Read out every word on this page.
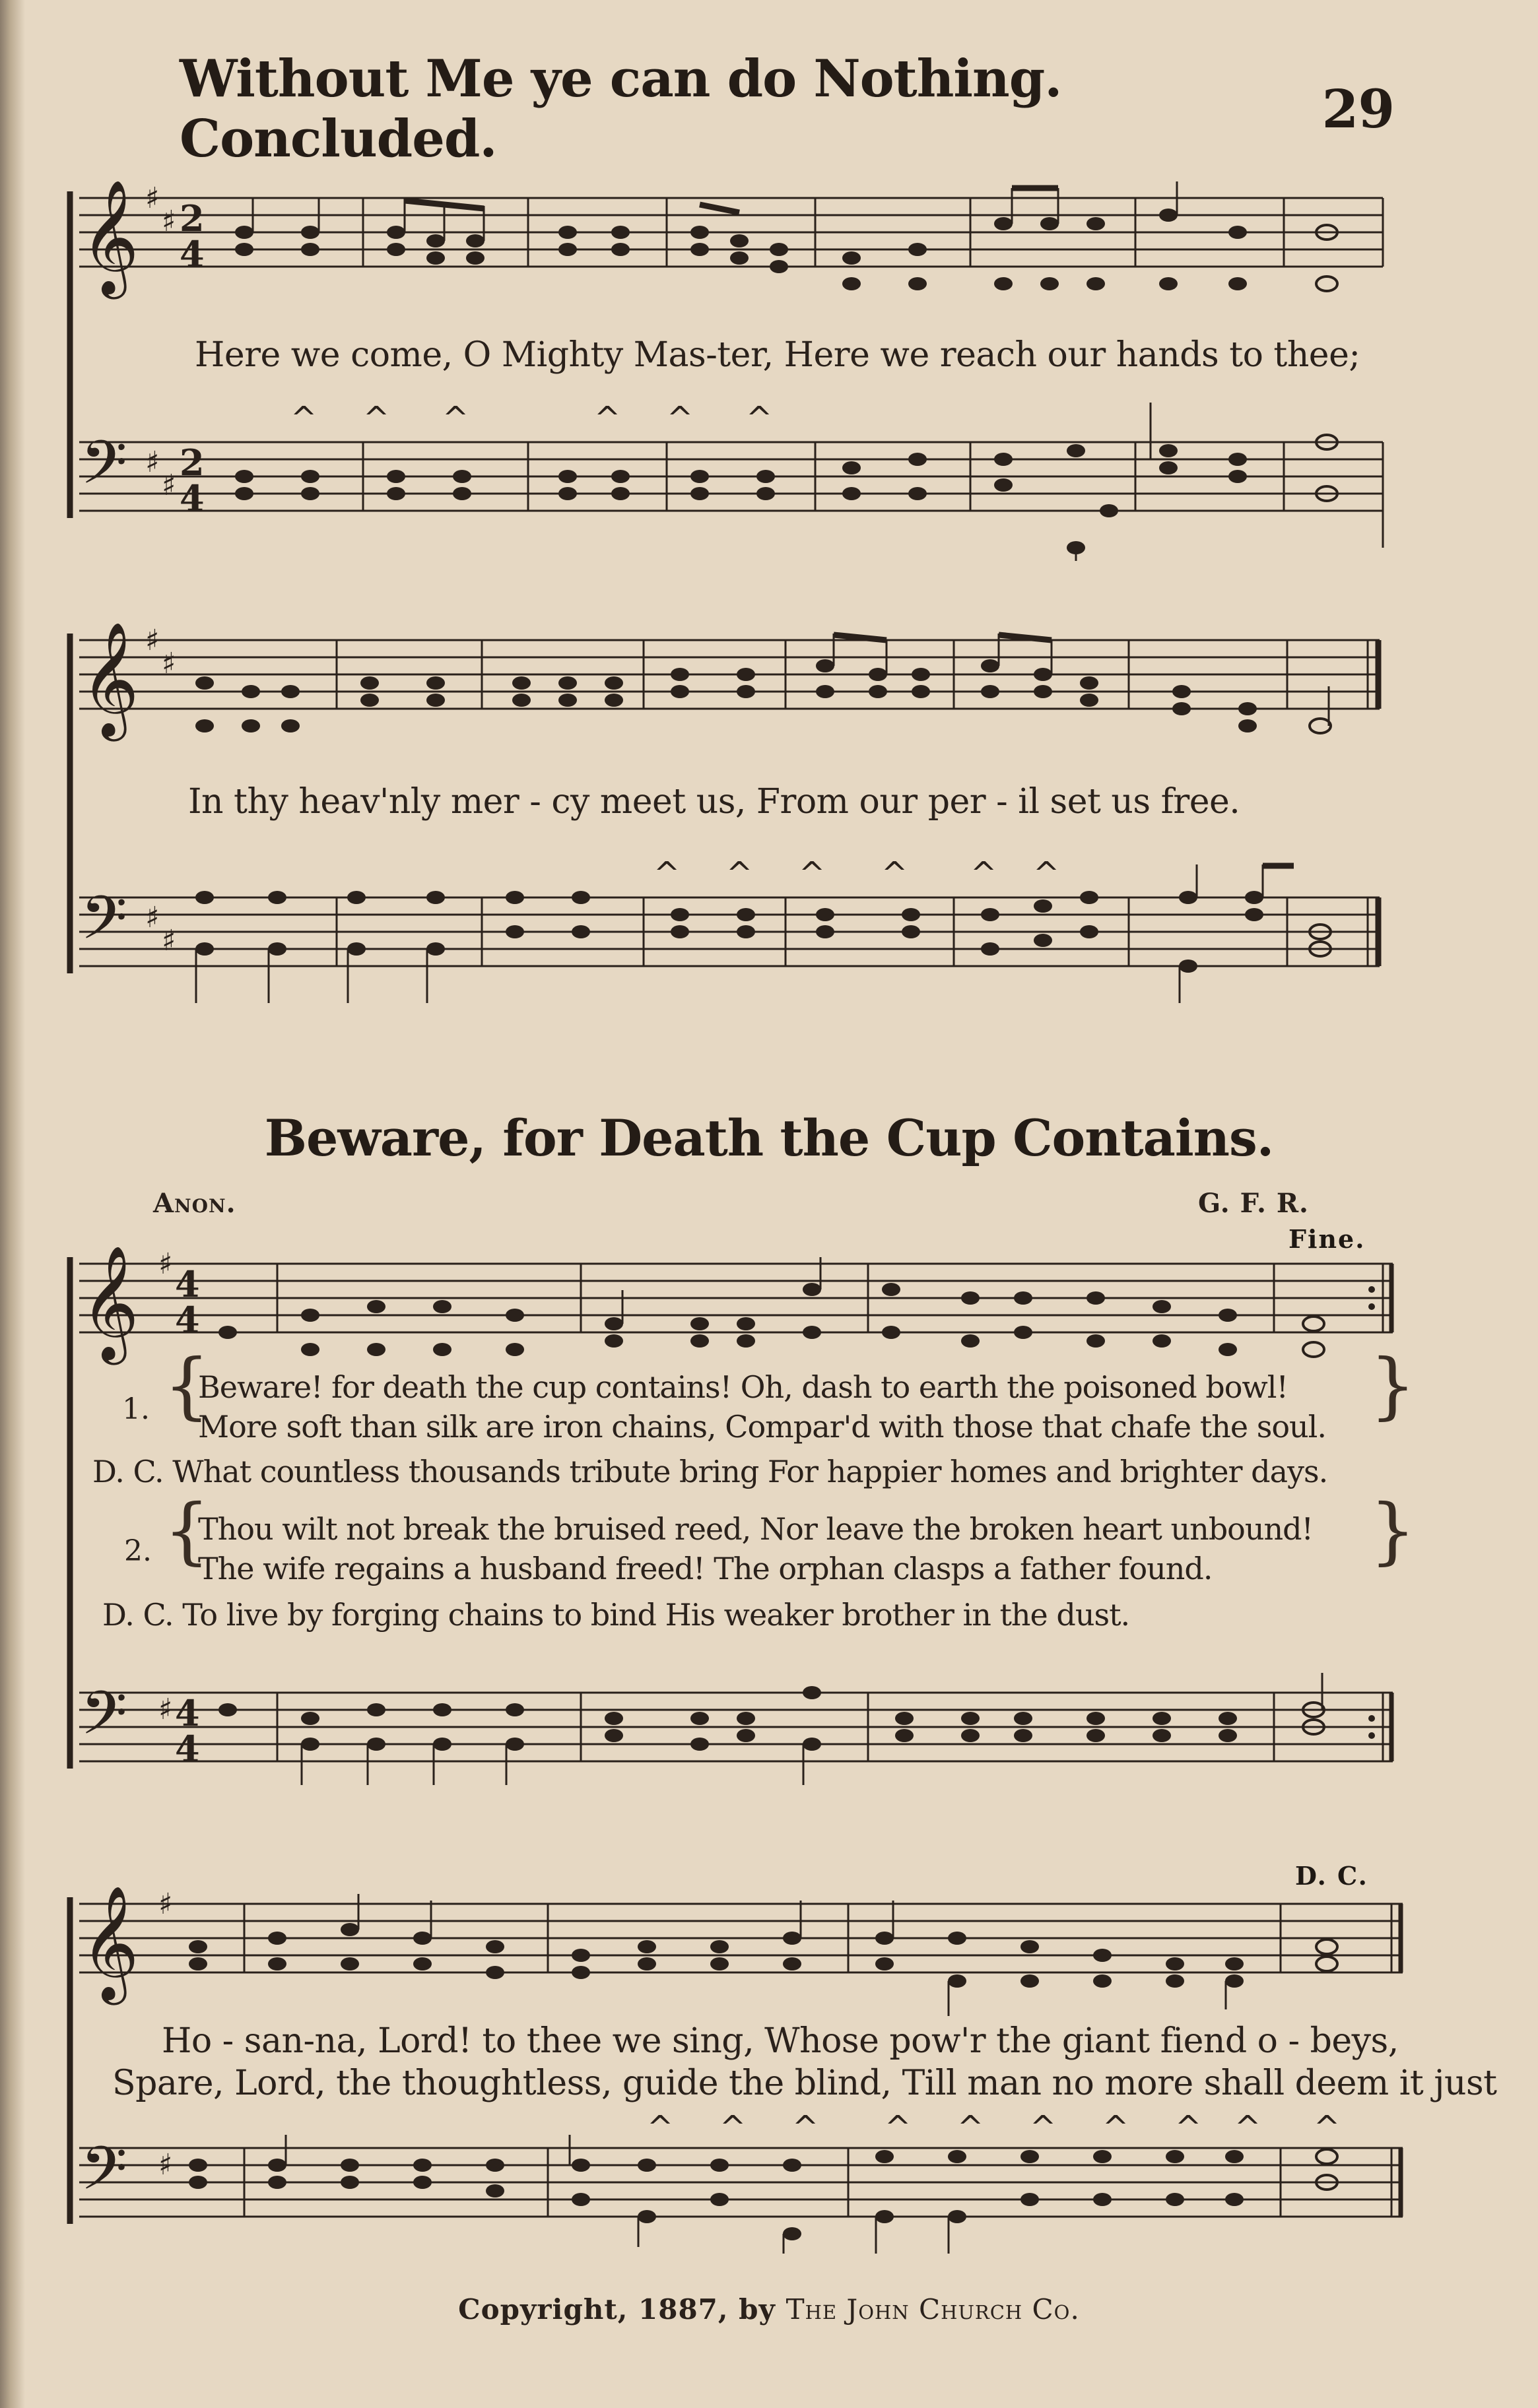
Without Me ye can do Nothing. Concluded.	29
𝄞
𝄢
♯
♯
♯
♯
2
4
2
4
^ ^ ^	^ ^ ^
Here we come, O Mighty Mas-ter, Here we reach our hands to thee;
𝄞
𝄢
♯
♯
♯
♯
^ ^ ^ ^ ^ ^
In thy heav'nly mer - cy meet us, From our per - il set us free.
Beware, for Death the Cup Contains.
Anon.	G. F. R.
Fine.
𝄞
𝄢
♯
♯
4
4
4
4
1. {
Beware! for death the cup contains! Oh, dash to earth the poisoned bowl!
More soft than silk are iron chains, Compar'd with those that chafe the soul. }
D. C. What countless thousands tribute bring For happier homes and brighter days.
2. {
Thou wilt not break the bruised reed, Nor leave the broken heart unbound!
The wife regains a husband freed! The orphan clasps a father found.	}
D. C. To live by forging chains to bind His weaker brother in the dust.
D. C.
𝄞
𝄢
♯
♯
^ ^ ^ ^ ^ ^ ^ ^ ^ ^
Ho - san-na, Lord! to thee we sing, Whose pow'r the giant fiend o - beys,
Spare, Lord, the thoughtless, guide the blind, Till man no more shall deem it just
Copyright, 1887, by The John Church Co.
